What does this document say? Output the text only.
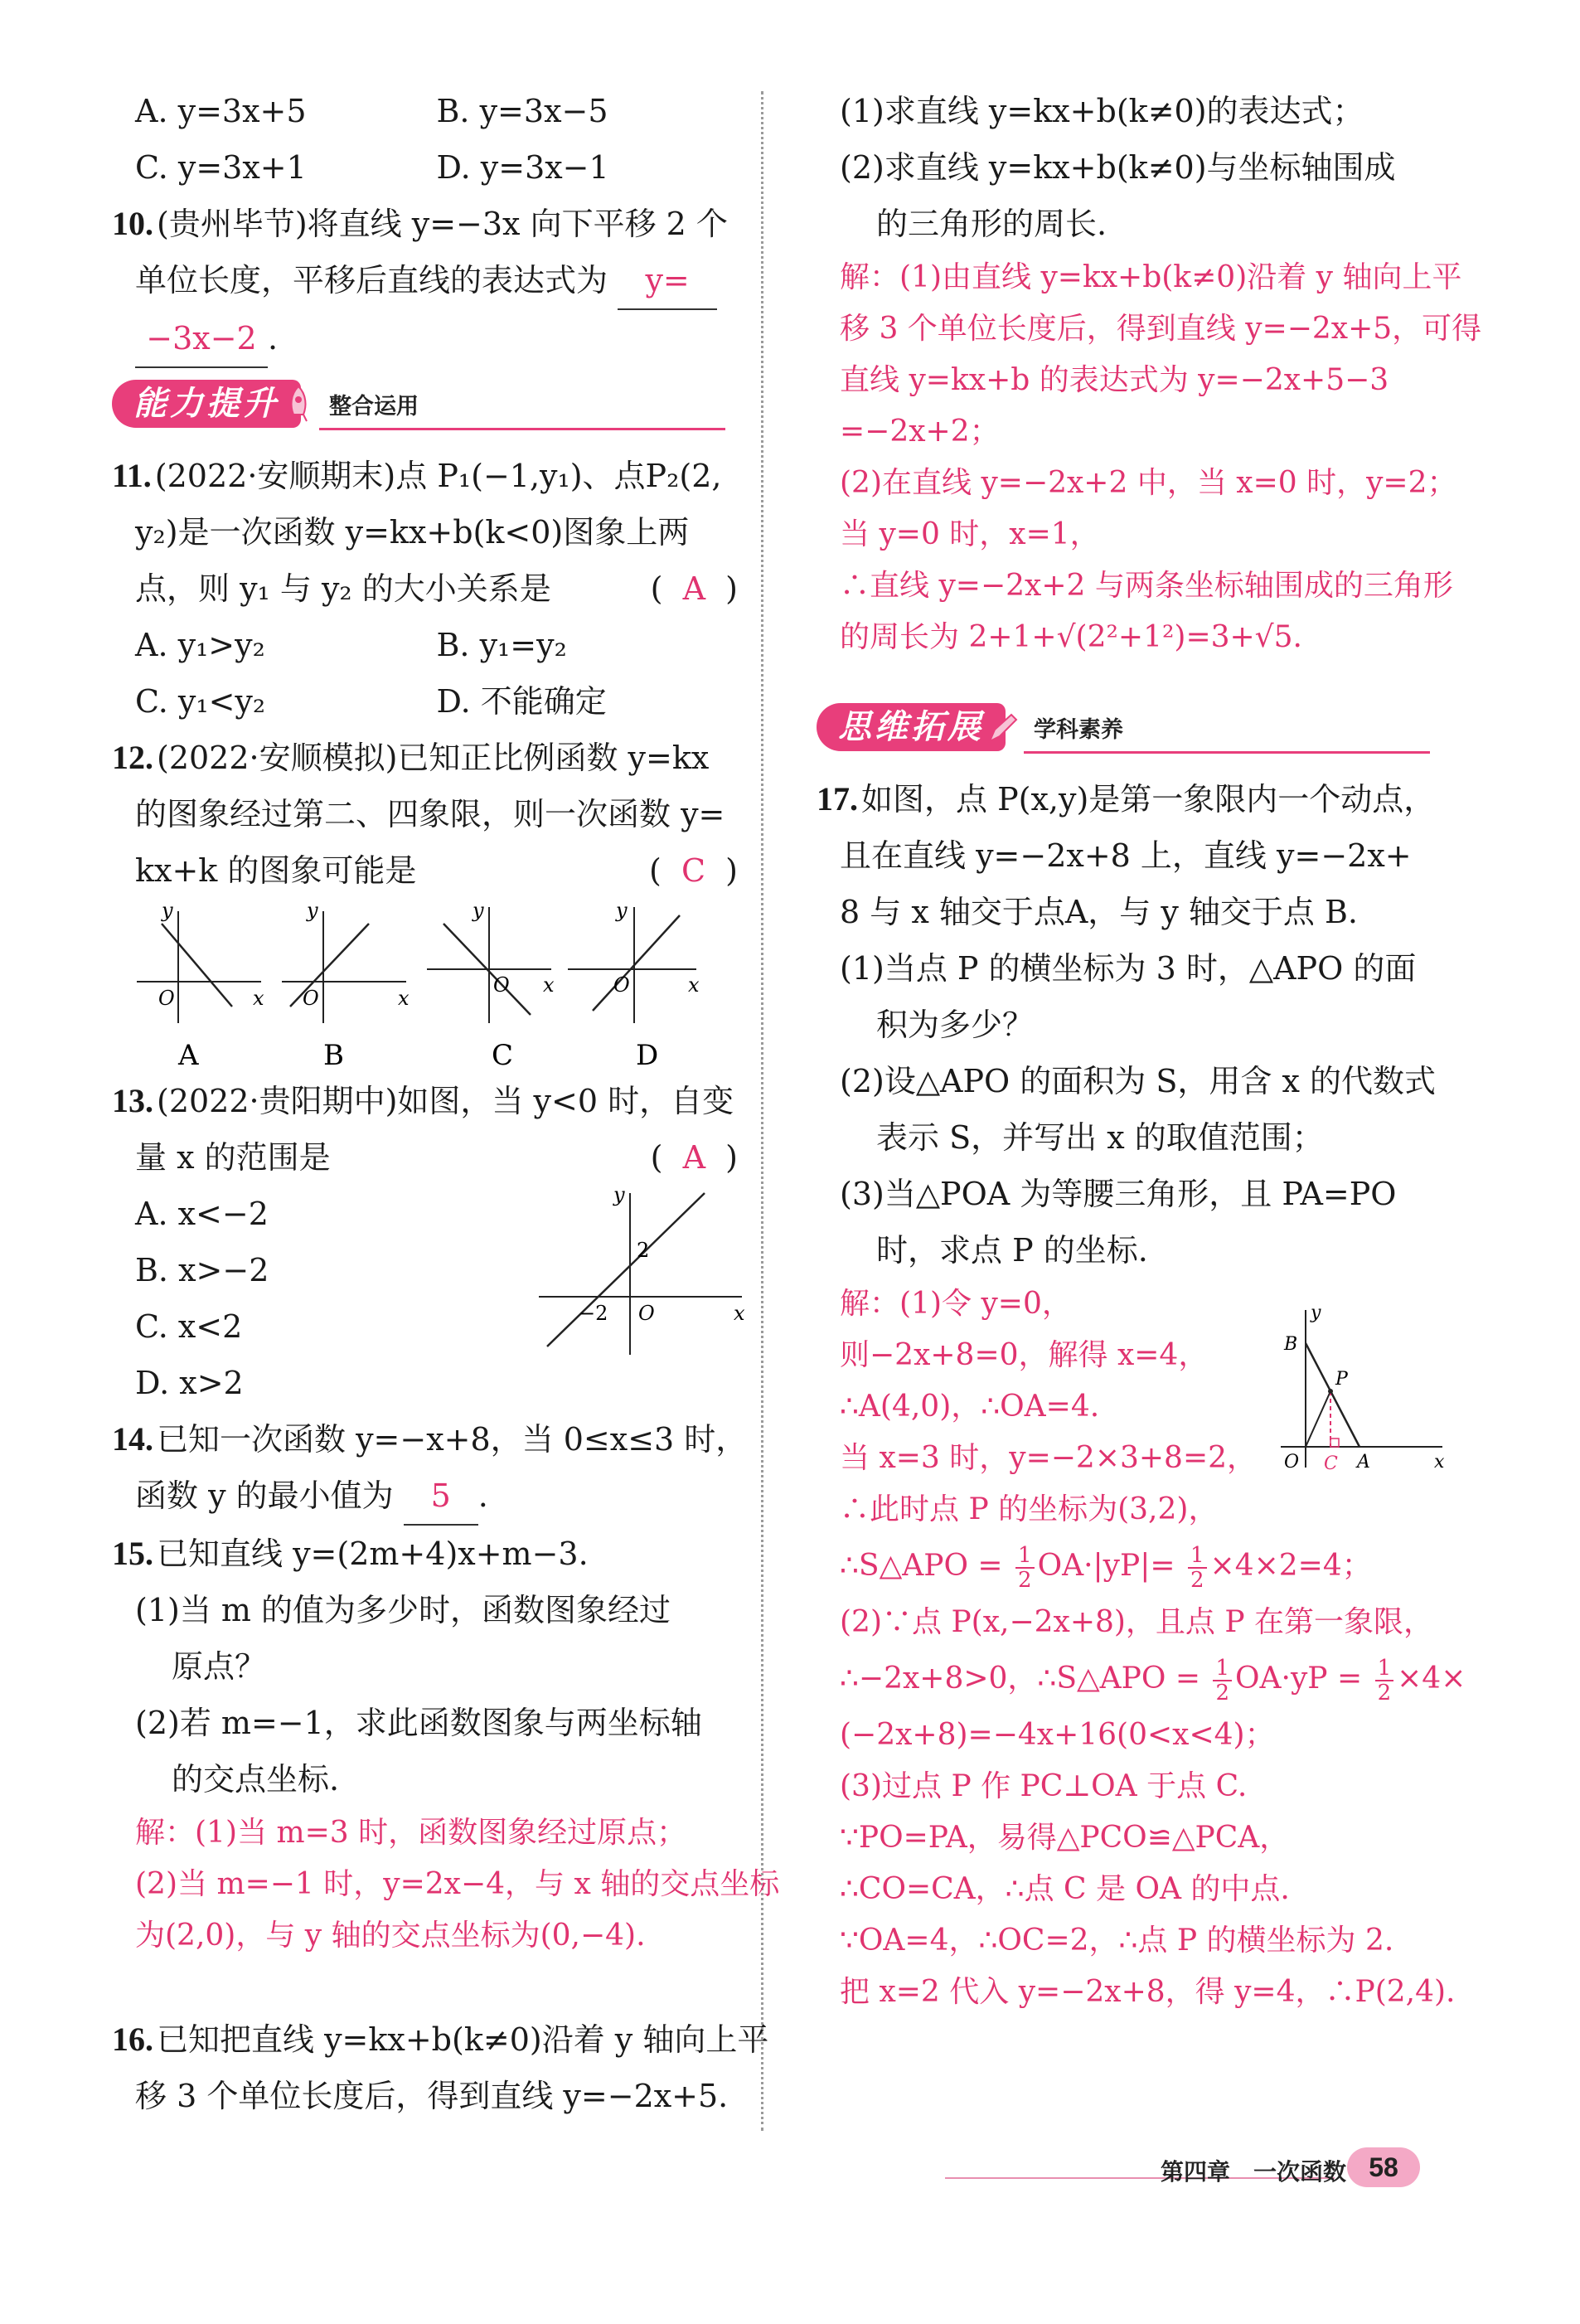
A. y=3x+5	B. y=3x−5
C. y=3x+1	D. y=3x−1
10. (贵州毕节)将直线 y=−3x 向下平移 2 个
单位长度，平移后直线的表达式为 y=
−3x−2 .
能力提升	整合运用
11. (2022·安顺期末)点 P₁(−1,y₁)、点P₂(2,
y₂)是一次函数 y=kx+b(k<0)图象上两
点，则 y₁ 与 y₂ 的大小关系是	(  A  )
A. y₁>y₂	B. y₁=y₂
C. y₁<y₂	D. 不能确定
12. (2022·安顺模拟)已知正比例函数 y=kx
的图象经过第二、四象限，则一次函数 y=
kx+k 的图象可能是	(  C  )
y
x
O
A
y
x
O
B
y
x
O
C
y
x
O
D
13. (2022·贵阳期中)如图，当 y<0 时，自变
量 x 的范围是	(  A  )
A. x<−2
B. x>−2
C. x<2
D. x>2
y
x
O
2
−2
14. 已知一次函数 y=−x+8，当 0≤x≤3 时，
函数 y 的最小值为 5 .
15. 已知直线 y=(2m+4)x+m−3.
(1)当 m 的值为多少时，函数图象经过
原点？
(2)若 m=−1，求此函数图象与两坐标轴
的交点坐标.
解：(1)当 m=3 时，函数图象经过原点；
(2)当 m=−1 时，y=2x−4，与 x 轴的交点坐标
为(2,0)，与 y 轴的交点坐标为(0,−4).
16. 已知把直线 y=kx+b(k≠0)沿着 y 轴向上平
移 3 个单位长度后，得到直线 y=−2x+5.
(1)求直线 y=kx+b(k≠0)的表达式；
(2)求直线 y=kx+b(k≠0)与坐标轴围成
的三角形的周长.
解：(1)由直线 y=kx+b(k≠0)沿着 y 轴向上平
移 3 个单位长度后，得到直线 y=−2x+5，可得
直线 y=kx+b 的表达式为 y=−2x+5−3
=−2x+2；
(2)在直线 y=−2x+2 中，当 x=0 时，y=2；
当 y=0 时，x=1，
∴直线 y=−2x+2 与两条坐标轴围成的三角形
的周长为 2+1+√(2²+1²)=3+√5.
思维拓展	学科素养
17. 如图，点 P(x,y)是第一象限内一个动点，
且在直线 y=−2x+8 上，直线 y=−2x+
8 与 x 轴交于点A，与 y 轴交于点 B.
(1)当点 P 的横坐标为 3 时，△APO 的面
积为多少？
(2)设△APO 的面积为 S，用含 x 的代数式
表示 S，并写出 x 的取值范围；
(3)当△POA 为等腰三角形，且 PA=PO
时，求点 P 的坐标.
解：(1)令 y=0，
则−2x+8=0，解得 x=4，
∴A(4,0)，∴OA=4.
当 x=3 时，y=−2×3+8=2，
∴此时点 P 的坐标为(3,2)，
∴S△APO = $\frac{1}{2} OA\cdot|yP|= \frac{1}{2} \times 4\times 2=4$；
(2)∵点 P(x,−2x+8)，且点 P 在第一象限，
∴−2x+8>0，∴S△APO = $\frac{1}{2} OA\cdot yP = \frac{1}{2} \times 4\times$
(−2x+8)=−4x+16(0<x<4)；
(3)过点 P 作 PC⊥OA 于点 C.
∵PO=PA，易得△PCO≌△PCA，
∴CO=CA，∴点 C 是 OA 的中点.
∵OA=4，∴OC=2，∴点 P 的横坐标为 2.
把 x=2 代入 y=−2x+8，得 y=4，∴P(2,4).
y
x
O
B
P
C A
第四章　一次函数 58
